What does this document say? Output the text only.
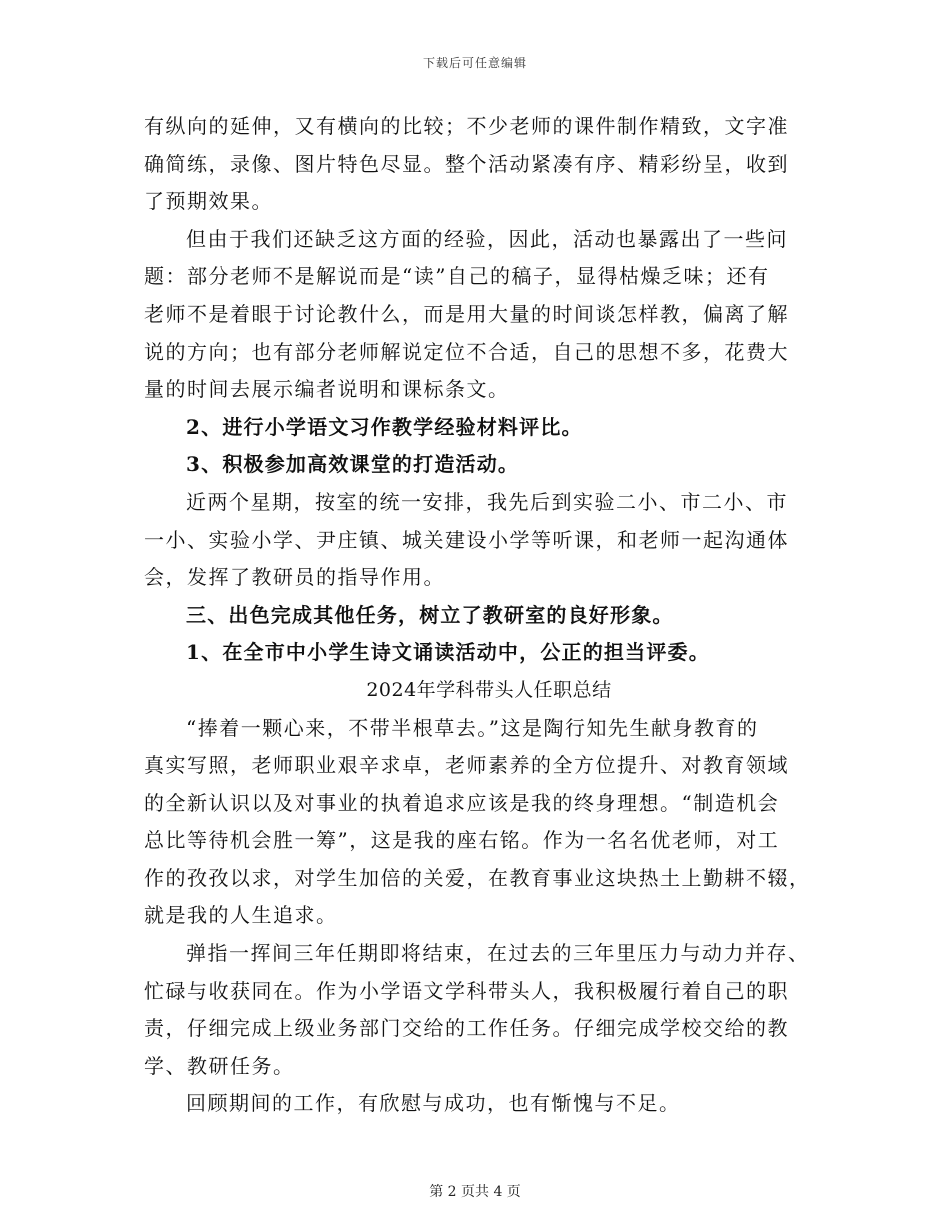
下载后可任意编辑
有纵向的延伸，又有横向的比较；不少老师的课件制作精致，文字准
确简练，录像、图片特色尽显。整个活动紧凑有序、精彩纷呈，收到
了预期效果。
但由于我们还缺乏这方面的经验，因此，活动也暴露出了一些问
题：部分老师不是解说而是“读”自己的稿子，显得枯燥乏味；还有
老师不是着眼于讨论教什么，而是用大量的时间谈怎样教，偏离了解
说的方向；也有部分老师解说定位不合适，自己的思想不多，花费大
量的时间去展示编者说明和课标条文。
2、进行小学语文习作教学经验材料评比。
3、积极参加高效课堂的打造活动。
近两个星期，按室的统一安排，我先后到实验二小、市二小、市
一小、实验小学、尹庄镇、城关建设小学等听课，和老师一起沟通体
会，发挥了教研员的指导作用。
三、出色完成其他任务，树立了教研室的良好形象。
1、在全市中小学生诗文诵读活动中，公正的担当评委。
2024年学科带头人任职总结
“捧着一颗心来，不带半根草去。”这是陶行知先生献身教育的
真实写照，老师职业艰辛求卓，老师素养的全方位提升、对教育领域
的全新认识以及对事业的执着追求应该是我的终身理想。“制造机会
总比等待机会胜一筹”，这是我的座右铭。作为一名名优老师，对工
作的孜孜以求，对学生加倍的关爱，在教育事业这块热土上勤耕不辍，
就是我的人生追求。
弹指一挥间三年任期即将结束，在过去的三年里压力与动力并存、
忙碌与收获同在。作为小学语文学科带头人，我积极履行着自己的职
责，仔细完成上级业务部门交给的工作任务。仔细完成学校交给的教
学、教研任务。
回顾期间的工作，有欣慰与成功，也有惭愧与不足。
第 2 页共 4 页
